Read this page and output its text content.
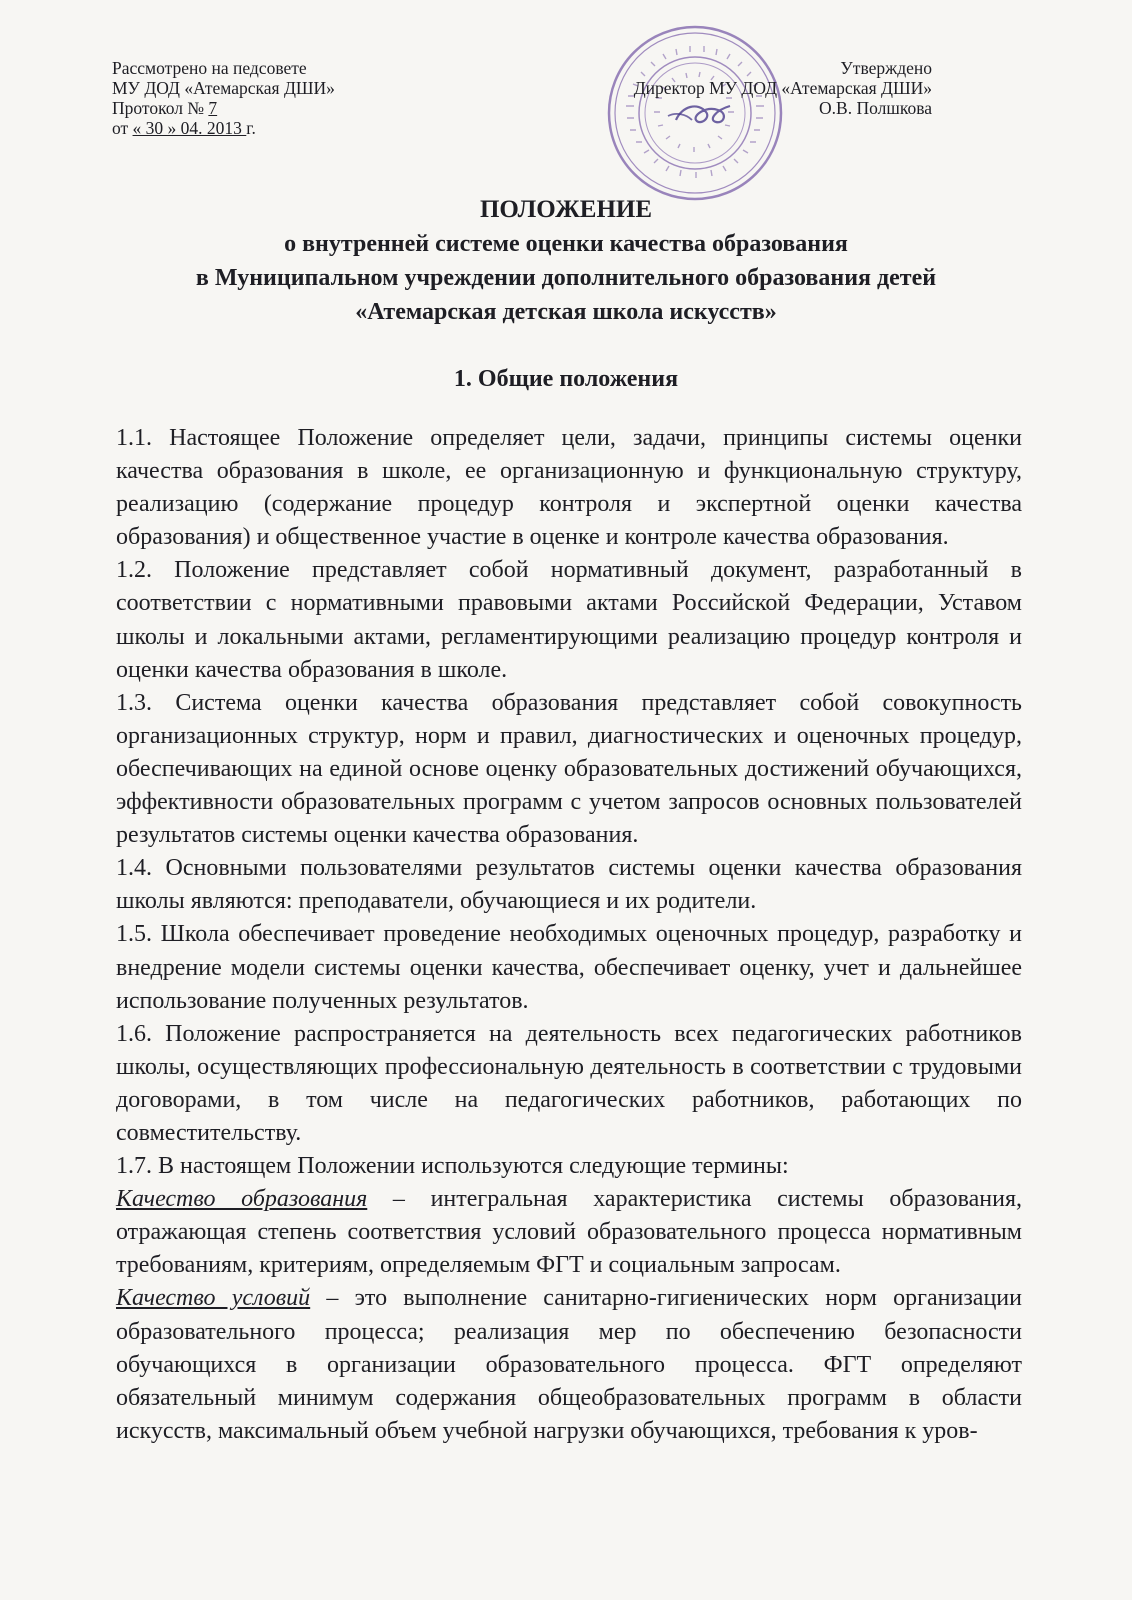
Рассмотрено на педсовете
МУ ДОД «Атемарская ДШИ»
Протокол № 7
от « 30 » 04. 2013 г.
Утверждено
Директор МУ ДОД «Атемарская ДШИ»
О.В. Полшкова
ПОЛОЖЕНИЕ
о внутренней системе оценки качества образования
в Муниципальном учреждении дополнительного образования детей
«Атемарская детская школа искусств»
1. Общие положения

1.1. Настоящее Положение определяет цели, задачи, принципы системы оценки качества образования в школе, ее организационную и функциональную структуру, реализацию (содержание процедур контроля и экспертной оценки качества образования) и общественное участие в оценке и контроле качества образования.

1.2. Положение представляет собой нормативный документ, разработанный в соответствии с нормативными правовыми актами Российской Федерации, Уставом школы и локальными актами, регламентирующими реализацию процедур контроля и оценки качества образования в школе.

1.3. Система оценки качества образования представляет собой совокупность организационных структур, норм и правил, диагностических и оценочных процедур, обеспечивающих на единой основе оценку образовательных достижений обучающихся, эффективности образовательных программ с учетом запросов основных пользователей результатов системы оценки качества образования.

1.4. Основными пользователями результатов системы оценки качества образования школы являются: преподаватели, обучающиеся и их родители.

1.5. Школа обеспечивает проведение необходимых оценочных процедур, разработку и внедрение модели системы оценки качества, обеспечивает оценку, учет и дальнейшее использование полученных результатов.

1.6. Положение распространяется на деятельность всех педагогических работников школы, осуществляющих профессиональную деятельность в соответствии с трудовыми договорами, в том числе на педагогических работников, работающих по совместительству.

1.7. В настоящем Положении используются следующие термины:

Качество образования – интегральная характеристика системы образования, отражающая степень соответствия условий образовательного процесса нормативным требованиям, критериям, определяемым ФГТ и социальным запросам.

Качество условий – это выполнение санитарно-гигиенических норм организации образовательного процесса; реализация мер по обеспечению безопасности обучающихся в организации образовательного процесса. ФГТ определяют обязательный минимум содержания общеобразовательных программ в области искусств, максимальный объем учебной нагрузки обучающихся, требования к уров-
